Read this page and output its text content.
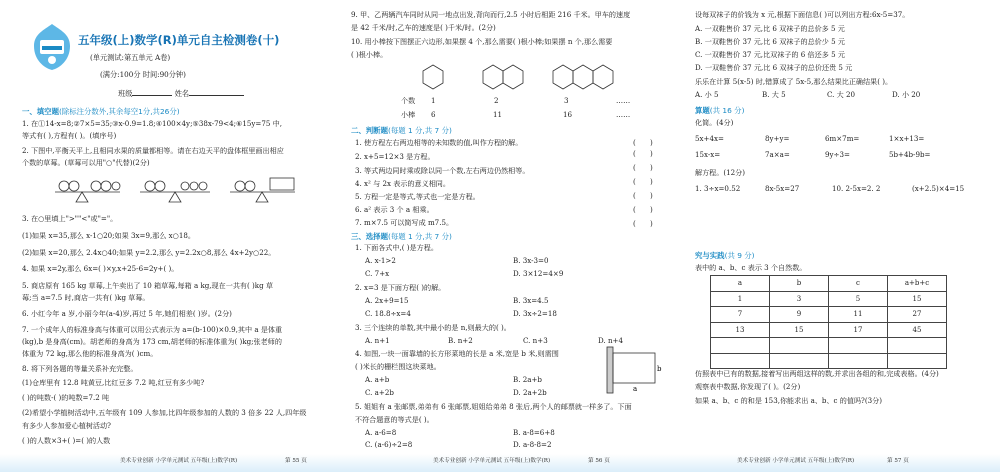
五年级(上)数学(R)单元自主检测卷(十)
(单元测试:第五单元 A卷)
(满分:100分 时间:90分钟)
班级	姓名
一、填空题(除标注分数外,其余每空1分,共26分)
1. 在①14-x=8;②7×5=35;③x-0.9=1.8;④100×4y;⑤38x-79<4;⑥15y=75 中,
等式有( ),方程有( )。(填序号)
2. 下图中,平衡天平上,且相同水果的质量都相等。请在右边天平的盘体框里画出相应
个数的草莓。(草莓可以用"○"代替)(2分)
3. 在○里填上">""<"或"="。
(1)如果 x=35,那么 x-1○20;如果 3x=9,那么 x○18。
(2)如果 x=20,那么 2.4x○40;如果 y=2.2,那么 y=2.2x○8,那么 4x+2y○22。
4. 如果 x=2y,那么 6x=( )×y,x+25-6=2y+( )。
5. 商店原有 165 kg 草莓,上午卖出了 10 箱草莓,每箱 a kg,现在一共有( )kg 草
莓;当 a=7.5 时,商店一共有( )kg 草莓。
6. 小红今年 a 岁,小丽今年(a-4)岁,再过 5 年,她们相差( )岁。(2分)
7. 一个成年人的标准身高与体重可以用公式表示为 a=(b-100)×0.9,其中 a 是体重
(kg),b 是身高(cm)。胡老师的身高为 173 cm,胡老师的标准体重为( )kg;张老师的
体重为 72 kg,那么他的标准身高为( )cm。
8. 将下列各题的等量关系补充完整。
(1)仓库里有 12.8 吨黄豆,比红豆多 7.2 吨,红豆有多少吨?
( )的吨数-( )的吨数=7.2 吨
(2)希望小学植树活动中,五年级有 109 人参加,比四年级参加的人数的 3 倍多 22 人,四年级
有多少人参加爱心植树活动?
( )的人数×3+( )=( )的人数
美术专业创新 小学单元测试 五年级(上)数学(R)	第 55 页
9. 甲、乙两辆汽车同时从同一地点出发,背向而行,2.5 小时后相距 216 千米。甲车的速度
是 42 千米/时,乙车的速度是( )千米/时。(2分)
10. 用小棒按下图摆正六边形,如果摆 4 个,那么需要( )根小棒;如果摆 n 个,那么需要
( )根小棒。
个数 1	2	3	……
小棒 6	11	16	……
二、判断题(每题 1 分,共 7 分)
1. 使方程左右两边相等的未知数的值,叫作方程的解。
2. x+5=12×3 是方程。
3. 等式两边同时乘或除以同一个数,左右两边仍然相等。
4. x² 与 2x 表示的意义相同。
5. 方程一定是等式,等式也一定是方程。
6. a² 表示 3 个 a 相乘。
7. m×7.5 可以简写成 m7.5。
(　　)
(　　)
(　　)
(　　)
(　　)
(　　)
(　　)
三、选择题(每题 1 分,共 7 分)
1. 下面各式中,( )是方程。
A. x-1>2	B. 3x-3=0
C. 7+x	D. 3×12=4×9
2. x=3 是下面方程( )的解。
A. 2x+9=15	B. 3x=4.5
C. 18.8÷x=4	D. 3x÷2=18
3. 三个连续的单数,其中最小的是 n,则最大的( )。
A. n+1	B. n+2	C. n+3	D. n+4
4. 如图,一块一面靠墙的长方形菜地的长是 a 米,宽是 b 米,则需围
( )米长的栅栏围这块菜地。
A. a+b	B. 2a+b
C. a+2b	D. 2a+2b	a
b
5. 姐姐有 a 张邮票,弟弟有 6 张邮票,姐姐给弟弟 8 张后,两个人的邮票就一样多了。下面
不符合题意的等式是( )。
A. a-6=8	B. a-8=6+8
C. (a-6)÷2=8	D. a-8-8=2
美术专业创新 小学单元测试 五年级(上)数学(R)	第 56 页
设每双袜子的价钱为 x 元,根据下面信息( )可以列出方程:6x-5=37。
A. 一双鞋售价 37 元,比 6 双袜子的总价多 5 元
B. 一双鞋售价 37 元,比 6 双袜子的总价少 5 元
C. 一双鞋售价 37 元,比双袜子的 6 倍还多 5 元
D. 一双鞋售价 37 元,比 6 双袜子的总价还贵 5 元
乐乐在计算 5(x-5) 时,错算成了 5x-5,那么结果比正确结果( )。
A. 小 5	B. 大 5	C. 大 20	D. 小 20
算题(共 16 分)
化简。(4分)
5x+4x=	8y+y=	6m×7m=	1×x+13=
15x-x=	7a×a=	9y÷3=	5b+4b-9b=
解方程。(12分)
1. 3÷x=0.52	8x-5x=27	10. 2-5x=2. 2	(x+2.5)×4=15
究与实践(共 9 分)
表中的 a、b、c 表示 3 个自然数。
仿照表中已有的数据,接着写出两组这样的数,并求出各组的和,完成表格。(4分)
观察表中数据,你发现了( )。(2分)
如果 a、b、c 的和是 153,你能求出 a、b、c 的值吗?(3分)
美术专业创新 小学单元测试 五年级(上)数学(R)	第 57 页
a	b	c	a+b+c
1	3	5	15
7	9	11	27
13	15	17	45
